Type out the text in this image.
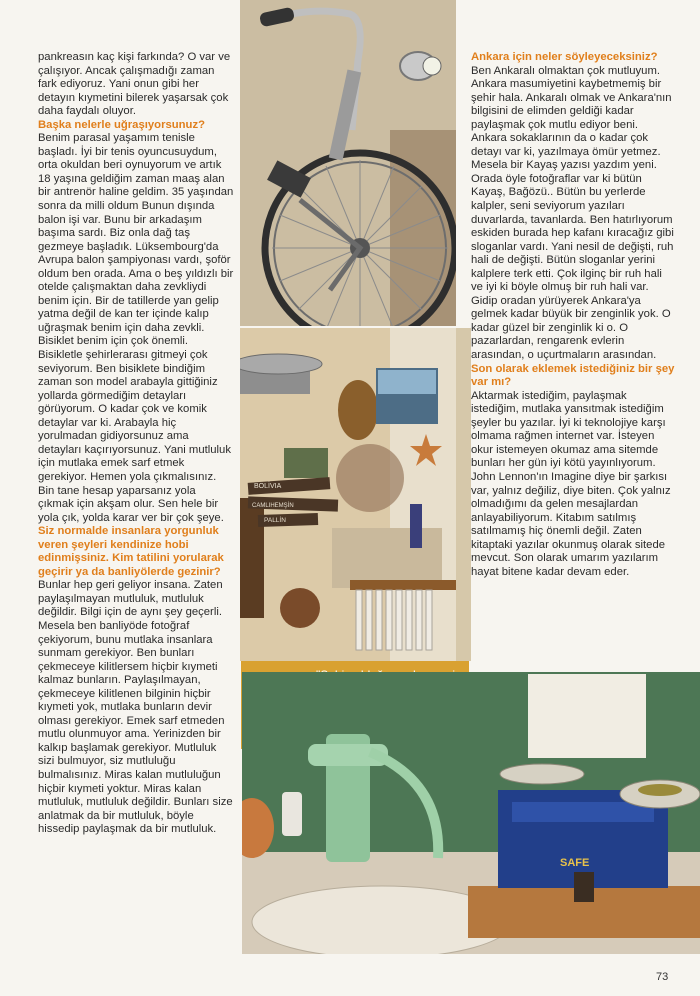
pankreasın kaç kişi farkında? O var ve çalışıyor. Ancak çalışmadığı zaman fark ediyoruz. Yani onun gibi her detayın kıymetini bilerek yaşarsak çok daha faydalı oluyor.

Başka nelerle uğraşıyorsunuz?

Benim parasal yaşamım tenisle başladı. İyi bir tenis oyuncusuydum, orta okuldan beri oynuyorum ve artık 18 yaşına geldiğim zaman maaş alan bir antrenör haline geldim. 35 yaşından sonra da milli oldum Bunun dışında balon işi var. Bunu bir arkadaşım başıma sardı. Biz onla dağ taş gezmeye başladık. Lüksembourg'da Avrupa balon şampiyonası vardı, şoför oldum ben orada. Ama o beş yıldızlı bir otelde çalışmaktan daha zevkliydi benim için. Bir de tatillerde yan gelip yatma değil de kan ter içinde kalıp uğraşmak benim için daha zevkli. Bisiklet benim için çok önemli. Bisikletle şehirlerarası gitmeyi çok seviyorum. Ben bisiklete bindiğim zaman son model arabayla gittiğiniz yollarda görmediğim detayları görüyorum. O kadar çok ve komik detaylar var ki. Arabayla hiç yorulmadan gidiyorsunuz ama detayları kaçırıyorsunuz. Yani mutluluk için mutlaka emek sarf etmek gerekiyor. Hemen yola çıkmalısınız. Bin tane hesap yaparsanız yola çıkmak için akşam olur. Sen hele bir yola çık, yolda karar ver bir çok şeye.

Siz normalde insanlara yorgunluk veren şeyleri kendinize hobi edinmişsiniz. Kim tatilini yorularak geçirir ya da banliyölerde gezinir?

Bunlar hep geri geliyor insana. Zaten paylaşılmayan mutluluk, mutluluk değildir. Bilgi için de aynı şey geçerli. Mesela ben banliyöde fotoğraf çekiyorum, bunu mutlaka insanlara sunmam gerekiyor. Ben bunları çekmeceye kilitlersem hiçbir kıymeti kalmaz bunların. Paylaşılmayan, çekmeceye kilitlenen bilginin hiçbir kıymeti yok, mutlaka bunların devir olması gerekiyor. Emek sarf etmeden mutlu olunmuyor ama. Yerinizden bir kalkıp başlamak gerekiyor. Mutluluk sizi bulmuyor, siz mutluluğu bulmalısınız. Miras kalan mutluluğun hiçbir kıymeti yoktur. Miras kalan mutluluk, mutluluk değildir. Bunları size anlatmak da bir mutluluk, böyle hissedip paylaşmak da bir mutluluk.

BOLİVIA
CAMLIHEMŞİN
PALLİN

Ankara için neler söyleyeceksiniz?

Ben Ankaralı olmaktan çok mutluyum. Ankara masumiyetini kaybetmemiş bir şehir hala. Ankaralı olmak ve Ankara'nın bilgisini de elimden geldiği kadar paylaşmak çok mutlu ediyor beni. Ankara sokaklarının da o kadar çok detayı var ki, yazılmaya ömür yetmez. Mesela bir Kayaş yazısı yazdım yeni. Orada öyle fotoğraflar var ki bütün Kayaş, Bağözü.. Bütün bu yerlerde kalpler, seni seviyorum yazıları duvarlarda, tavanlarda. Ben hatırlıyorum eskiden burada hep kafanı kıracağız gibi sloganlar vardı. Yani nesil de değişti, ruh hali de değişti. Bütün sloganlar yerini kalplere terk etti. Çok ilginç bir ruh hali ve iyi ki böyle olmuş bir ruh hali var. Gidip oradan yürüyerek Ankara'ya gelmek kadar büyük bir zenginlik yok. O kadar güzel bir zenginlik ki o. O pazarlardan, rengarenk evlerin arasından, o uçurtmaların arasından.

Son olarak eklemek istediğiniz bir şey var mı?

Aktarmak istediğim, paylaşmak istediğim, mutlaka yansıtmak istediğim şeyler bu yazılar. İyi ki teknolojiye karşı olmama rağmen internet var. İsteyen okur istemeyen okumaz ama sitemde bunları her gün iyi kötü yayınlıyorum. John Lennon'ın Imagine diye bir şarkısı var, yalnız değiliz, diye biten. Çok yalnız olmadığımı da gelen mesajlardan anlayabiliyorum. Kitabım satılmış satılmamış hiç önemli değil. Zaten kitaptaki yazılar okunmuş olarak sitede mevcut. Son olarak umarım yazılarım hayat bitene kadar devam eder.

SAFE
73
